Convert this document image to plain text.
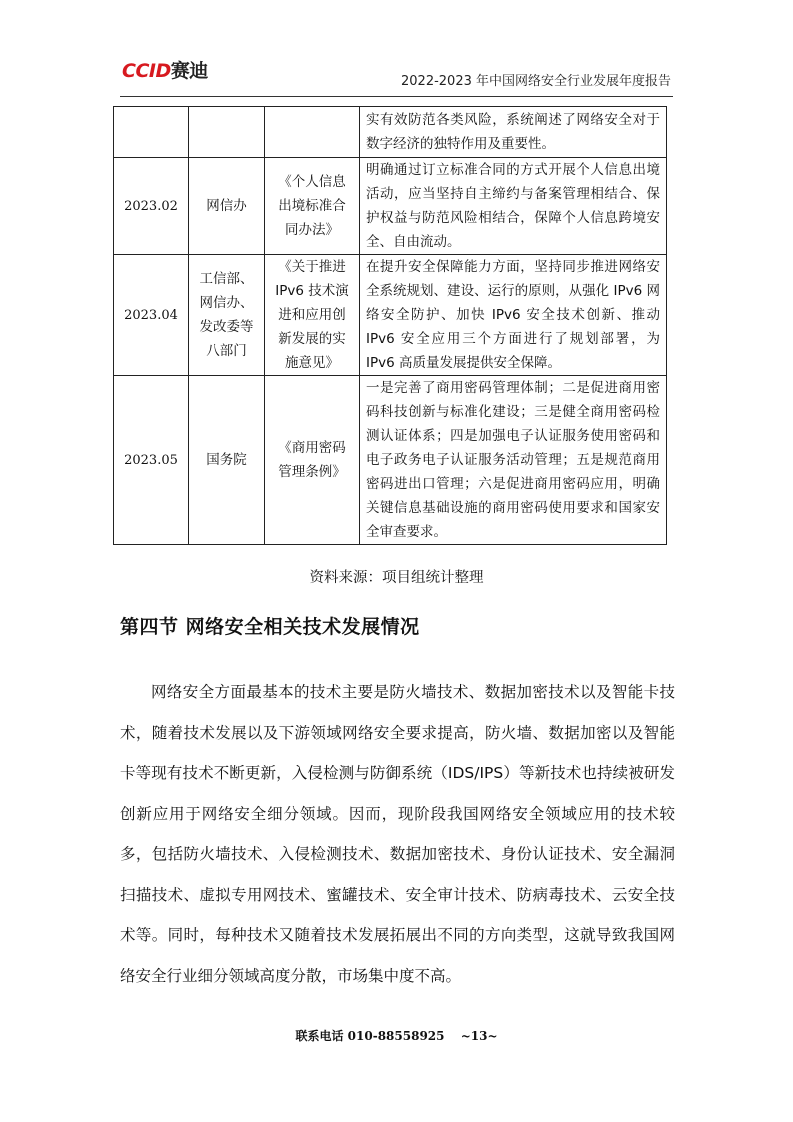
CCID赛迪	2022-2023 年中国网络安全行业发展年度报告
			实有效防范各类风险，系统阐述了网络安全对于数字经济的独特作用及重要性。
2023.02	网信办	《个人信息出境标准合同办法》	明确通过订立标准合同的方式开展个人信息出境活动，应当坚持自主缔约与备案管理相结合、保护权益与防范风险相结合，保障个人信息跨境安全、自由流动。
2023.04	工信部、网信办、发改委等八部门	《关于推进IPv6 技术演进和应用创新发展的实施意见》	在提升安全保障能力方面，坚持同步推进网络安全系统规划、建设、运行的原则，从强化 IPv6 网络安全防护、加快 IPv6 安全技术创新、推动 IPv6 安全应用三个方面进行了规划部署，为 IPv6 高质量发展提供安全保障。
2023.05	国务院	《商用密码管理条例》	一是完善了商用密码管理体制；二是促进商用密码科技创新与标准化建设；三是健全商用密码检测认证体系；四是加强电子认证服务使用密码和电子政务电子认证服务活动管理；五是规范商用密码进出口管理；六是促进商用密码应用，明确关键信息基础设施的商用密码使用要求和国家安全审查要求。
资料来源：项目组统计整理
第四节 网络安全相关技术发展情况

网络安全方面最基本的技术主要是防火墙技术、数据加密技术以及智能卡技术，随着技术发展以及下游领域网络安全要求提高，防火墙、数据加密以及智能卡等现有技术不断更新，入侵检测与防御系统（IDS/IPS）等新技术也持续被研发创新应用于网络安全细分领域。因而，现阶段我国网络安全领域应用的技术较多，包括防火墙技术、入侵检测技术、数据加密技术、身份认证技术、安全漏洞扫描技术、虚拟专用网技术、蜜罐技术、安全审计技术、防病毒技术、云安全技术等。同时，每种技术又随着技术发展拓展出不同的方向类型，这就导致我国网络安全行业细分领域高度分散，市场集中度不高。

联系电话 010-88558925 ~13~
